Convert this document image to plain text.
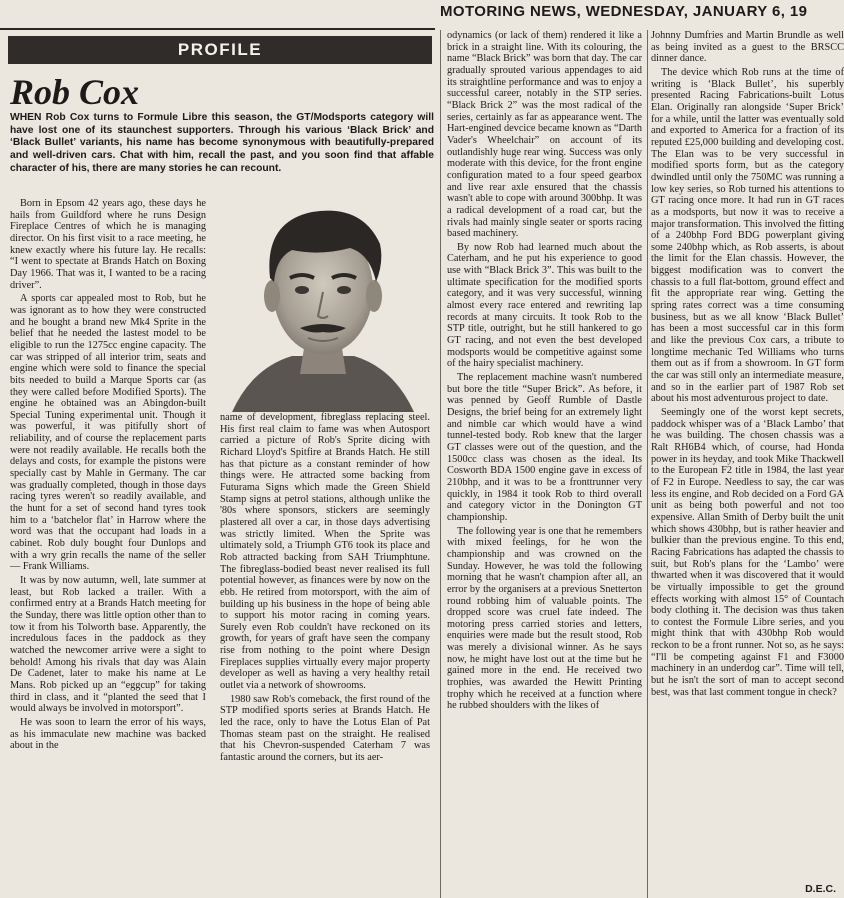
MOTORING NEWS, WEDNESDAY, JANUARY 6, 19
PROFILE
Rob Cox
WHEN Rob Cox turns to Formule Libre this season, the GT/Modsports category will have lost one of its staunchest supporters. Through his various ‘Black Brick’ and ‘Black Bullet’ variants, his name has become synonymous with beautifully-prepared and well-driven cars. Chat with him, recall the past, and you soon find that affable character of his, there are many stories he can recount.

Born in Epsom 42 years ago, these days he hails from Guildford where he runs Design Fireplace Centres of which he is managing director. On his first visit to a race meeting, he knew exactly where his future lay. He recalls: “I went to spectate at Brands Hatch on Boxing Day 1966. That was it, I wanted to be a racing driver”.

A sports car appealed most to Rob, but he was ignorant as to how they were constructed and he bought a brand new Mk4 Sprite in the belief that he needed the lastest model to be eligible to run the 1275cc engine capacity. The car was stripped of all interior trim, seats and engine which were sold to finance the special bits needed to build a Marque Sports car (as they were called before Modified Sports). The engine he obtained was an Abingdon-built Special Tuning experimental unit. Though it was powerful, it was pitifully short of reliability, and of course the replacement parts were not readily available. He recalls both the delays and costs, for example the pistons were specially cast by Mahle in Germany. The car was gradually completed, though in those days racing tyres weren't so readily available, and the hunt for a set of second hand tyres took him to a ‘batchelor flat’ in Harrow where the word was that the occupant had loads in a cabinet. Rob duly bought four Dunlops and with a wry grin recalls the name of the seller — Frank Williams.

It was by now autumn, well, late summer at least, but Rob lacked a trailer. With a confirmed entry at a Brands Hatch meeting for the Sunday, there was little option other than to tow it from his Tolworth base. Apparently, the incredulous faces in the paddock as they watched the newcomer arrive were a sight to behold! Among his rivals that day was Alain De Cadenet, later to make his name at Le Mans. Rob picked up an “eggcup” for taking third in class, and it “planted the seed that I would always be involved in motorsport”.

He was soon to learn the error of his ways, as his immaculate new machine was backed about in the

name of development, fibreglass replacing steel. His first real claim to fame was when Autosport carried a picture of Rob's Sprite dicing with Richard Lloyd's Spitfire at Brands Hatch. He still has that picture as a constant reminder of how things were. He attracted some backing from Futurama Signs which made the Green Shield Stamp signs at petrol stations, although unlike the '80s where sponsors, stickers are seemingly plastered all over a car, in those days advertising was strictly limited. When the Sprite was ultimately sold, a Triumph GT6 took its place and Rob attracted backing from SAH Triumphtune. The fibreglass-bodied beast never realised its full potential however, as finances were by now on the ebb. He retired from motorsport, with the aim of building up his business in the hope of being able to support his motor racing in coming years. Surely even Rob couldn't have reckoned on its growth, for years of graft have seen the company rise from nothing to the point where Design Fireplaces supplies virtually every major property developer as well as having a very healthy retail outlet via a network of showrooms.

1980 saw Rob's comeback, the first round of the STP modified sports series at Brands Hatch. He led the race, only to have the Lotus Elan of Pat Thomas steam past on the straight. He realised that his Chevron-suspended Caterham 7 was fantastic around the corners, but its aer-

odynamics (or lack of them) rendered it like a brick in a straight line. With its colouring, the name “Black Brick” was born that day. The car gradually sprouted various appendages to aid its straightline performance and was to enjoy a successful career, notably in the STP series. “Black Brick 2” was the most radical of the series, certainly as far as appearance went. The Hart-engined devcice became known as “Darth Vader's Wheelchair” on account of its outlandishly huge rear wing. Success was only moderate with this device, for the front engine configuration mated to a four speed gearbox and live rear axle ensured that the chassis wasn't able to cope with around 300bhp. It was a radical development of a road car, but the rivals had mainly single seater or sports racing based machinery.

By now Rob had learned much about the Caterham, and he put his experience to good use with “Black Brick 3”. This was built to the ultimate specification for the modified sports category, and it was very successful, winning almost every race entered and rewriting lap records at many circuits. It took Rob to the STP title, outright, but he still hankered to go GT racing, and not even the best developed modsports would be competitive against some of the hairy specialist machinery.

The replacement machine wasn't numbered but bore the title “Super Brick”. As before, it was penned by Geoff Rumble of Dastle Designs, the brief being for an extremely light and nimble car which would have a wind tunnel-tested body. Rob knew that the larger GT classes were out of the question, and the 1500cc class was chosen as the ideal. Its Cosworth BDA 1500 engine gave in excess of 210bhp, and it was to be a fronttrunner very quickly, in 1984 it took Rob to third overall and category victor in the Donington GT championship.

The following year is one that he remembers with mixed feelings, for he won the championship and was crowned on the Sunday. However, he was told the following morning that he wasn't champion after all, an error by the organisers at a previous Snetterton round robbing him of valuable points. The dropped score was cruel fate indeed. The motoring press carried stories and letters, enquiries were made but the result stood, Rob was merely a divisional winner. As he says now, he might have lost out at the time but he gained more in the end. He received two trophies, was awarded the Hewitt Printing trophy which he received at a function where he rubbed shoulders with the likes of

Johnny Dumfries and Martin Brundle as well as being invited as a guest to the BRSCC dinner dance.

The device which Rob runs at the time of writing is ‘Black Bullet’, his superbly presented Racing Fabrications-built Lotus Elan. Originally ran alongside ‘Super Brick’ for a while, until the latter was eventually sold and exported to America for a fraction of its reputed £25,000 building and developing cost. The Elan was to be very successful in modified sports form, but as the category dwindled until only the 750MC was running a low key series, so Rob turned his attentions to GT racing once more. It had run in GT races as a modsports, but now it was to receive a major transformation. This involved the fitting of a 240bhp Ford BDG powerplant giving some 240bhp which, as Rob asserts, is about the limit for the Elan chassis. However, the biggest modification was to convert the chassis to a full flat-bottom, ground effect and fit the appropriate rear wing. Getting the spring rates correct was a time consuming business, but as we all know ‘Black Bullet’ has been a most successful car in this form and like the previous Cox cars, a tribute to longtime mechanic Ted Williams who turns them out as if from a showroom. In GT form the car was still only an intermediate measure, and so in the earlier part of 1987 Rob set about his most adventurous project to date.

Seemingly one of the worst kept secrets, paddock whisper was of a ‘Black Lambo’ that he was building. The chosen chassis was a Ralt RH6B4 which, of course, had Honda power in its heyday, and took Mike Thackwell to the European F2 title in 1984, the last year of F2 in Europe. Needless to say, the car was less its engine, and Rob decided on a Ford GA unit as being both powerful and not too expensive. Allan Smith of Derby built the unit which shows 430bhp, but is rather heavier and bulkier than the previous engine. To this end, Racing Fabrications has adapted the chassis to suit, but Rob's plans for the ‘Lambo’ were thwarted when it was discovered that it would be virtually impossible to get the ground effects working with almost 15° of Countach body clothing it. The decision was thus taken to contest the Formule Libre series, and you might think that with 430bhp Rob would reckon to be a front runner. Not so, as he says: “I'll be competing against F1 and F3000 machinery in an underdog car”. Time will tell, but he isn't the sort of man to accept second best, was that last comment tongue in check?

D.E.C.
